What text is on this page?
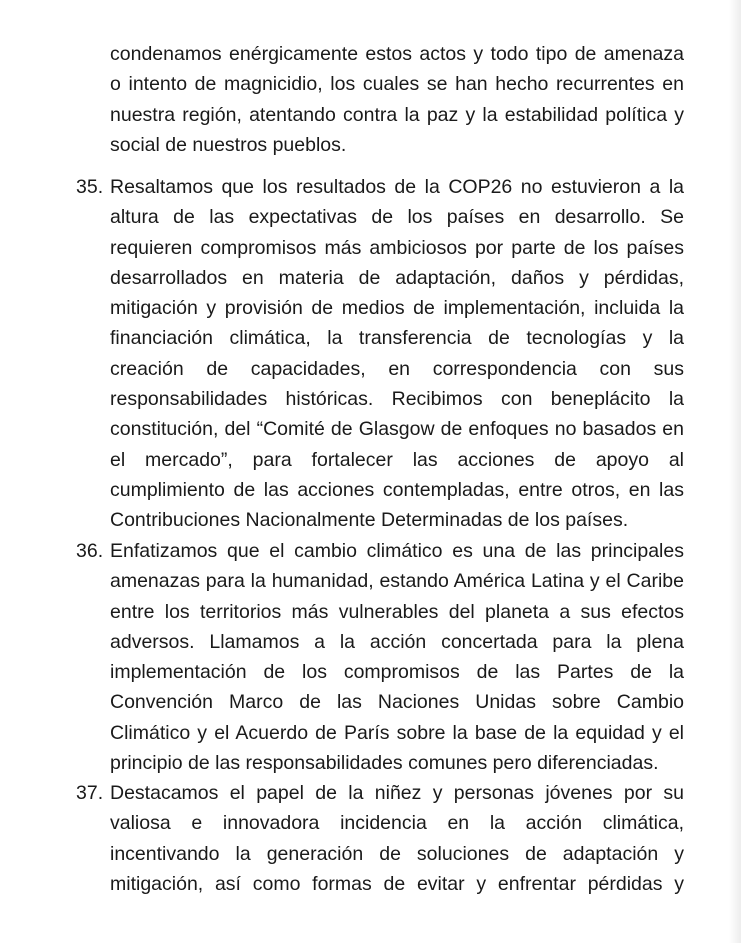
condenamos enérgicamente estos actos y todo tipo de amenaza o intento de magnicidio, los cuales se han hecho recurrentes en nuestra región, atentando contra la paz y la estabilidad política y social de nuestros pueblos.

35. Resaltamos que los resultados de la COP26 no estuvieron a la altura de las expectativas de los países en desarrollo. Se requieren compromisos más ambiciosos por parte de los países desarrollados en materia de adaptación, daños y pérdidas, mitigación y provisión de medios de implementación, incluida la financiación climática, la transferencia de tecnologías y la creación de capacidades, en correspondencia con sus responsabilidades históricas. Recibimos con beneplácito la constitución, del “Comité de Glasgow de enfoques no basados en el mercado”, para fortalecer las acciones de apoyo al cumplimiento de las acciones contempladas, entre otros, en las Contribuciones Nacionalmente Determinadas de los países.

36. Enfatizamos que el cambio climático es una de las principales amenazas para la humanidad, estando América Latina y el Caribe entre los territorios más vulnerables del planeta a sus efectos adversos. Llamamos a la acción concertada para la plena implementación de los compromisos de las Partes de la Convención Marco de las Naciones Unidas sobre Cambio Climático y el Acuerdo de París sobre la base de la equidad y el principio de las responsabilidades comunes pero diferenciadas.

37. Destacamos el papel de la niñez y personas jóvenes por su valiosa e innovadora incidencia en la acción climática, incentivando la generación de soluciones de adaptación y mitigación, así como formas de evitar y enfrentar pérdidas y
